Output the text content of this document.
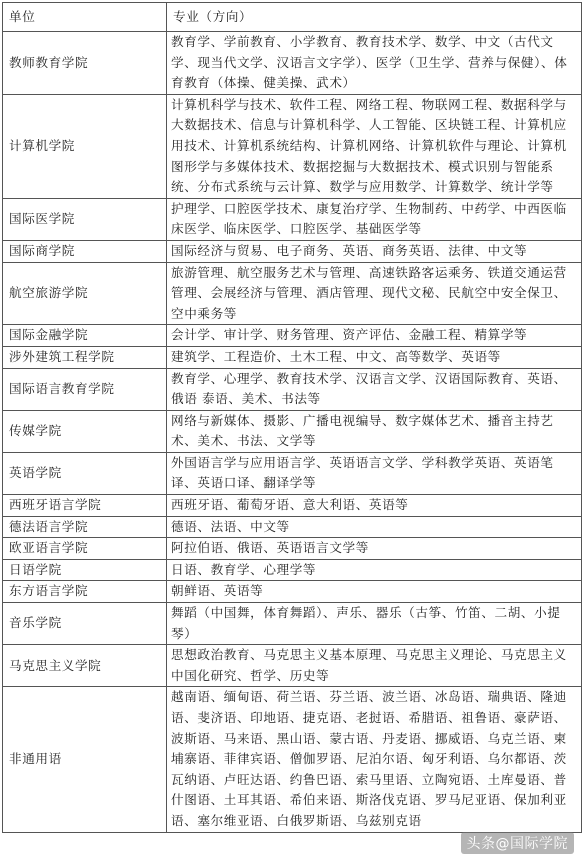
单位	专业（方向）
教师教育学院	教育学、学前教育、小学教育、教育技术学、数学、中文（古代文学、现当代文学、汉语言文字学）、医学（卫生学、营养与保健）、体育教育（体操、健美操、武术）
计算机学院	计算机科学与技术、软件工程、网络工程、物联网工程、数据科学与大数据技术、信息与计算机科学、人工智能、区块链工程、计算机应用技术、计算机系统结构、计算机网络、计算机软件与理论、计算机图形学与多媒体技术、数据挖掘与大数据技术、模式识别与智能系统、分布式系统与云计算、数学与应用数学、计算数学、统计学等
国际医学院	护理学、口腔医学技术、康复治疗学、生物制药、中药学、中西医临床医学、临床医学、口腔医学、基础医学等
国际商学院	国际经济与贸易、电子商务、英语、商务英语、法律、中文等
航空旅游学院	旅游管理、航空服务艺术与管理、高速铁路客运乘务、铁道交通运营管理、会展经济与管理、酒店管理、现代文秘、民航空中安全保卫、空中乘务等
国际金融学院	会计学、审计学、财务管理、资产评估、金融工程、精算学等
涉外建筑工程学院	建筑学、工程造价、土木工程、中文、高等数学、英语等
国际语言教育学院	教育学、心理学、教育技术学、汉语言文学、汉语国际教育、英语、俄语 泰语、美术、书法等
传媒学院	网络与新媒体、摄影、广播电视编导、数字媒体艺术、播音主持艺术、美术、书法、文学等
英语学院	外国语言学与应用语言学、英语语言文学、学科教学英语、英语笔译、英语口译、翻译学等
西班牙语言学院	西班牙语、葡萄牙语、意大利语、英语等
德法语言学院	德语、法语、中文等
欧亚语言学院	阿拉伯语、俄语、英语语言文学等
日语学院	日语、教育学、心理学等
东方语言学院	朝鲜语、英语等
音乐学院	舞蹈（中国舞，体育舞蹈）、声乐、器乐（古筝、竹笛、二胡、小提琴）
马克思主义学院	思想政治教育、马克思主义基本原理、马克思主义理论、马克思主义中国化研究、哲学、历史等
非通用语	越南语、缅甸语、荷兰语、芬兰语、波兰语、冰岛语、瑞典语、隆迪语、斐济语、印地语、捷克语、老挝语、希腊语、祖鲁语、豪萨语、波斯语、马来语、黑山语、蒙古语、丹麦语、挪威语、乌克兰语、柬埔寨语、菲律宾语、僧伽罗语、尼泊尔语、匈牙利语、乌尔都语、茨瓦纳语、卢旺达语、约鲁巴语、索马里语、立陶宛语、土库曼语、普什图语、土耳其语、希伯来语、斯洛伐克语、罗马尼亚语、保加利亚语、塞尔维亚语、白俄罗斯语、乌兹别克语
头条@国际学院
